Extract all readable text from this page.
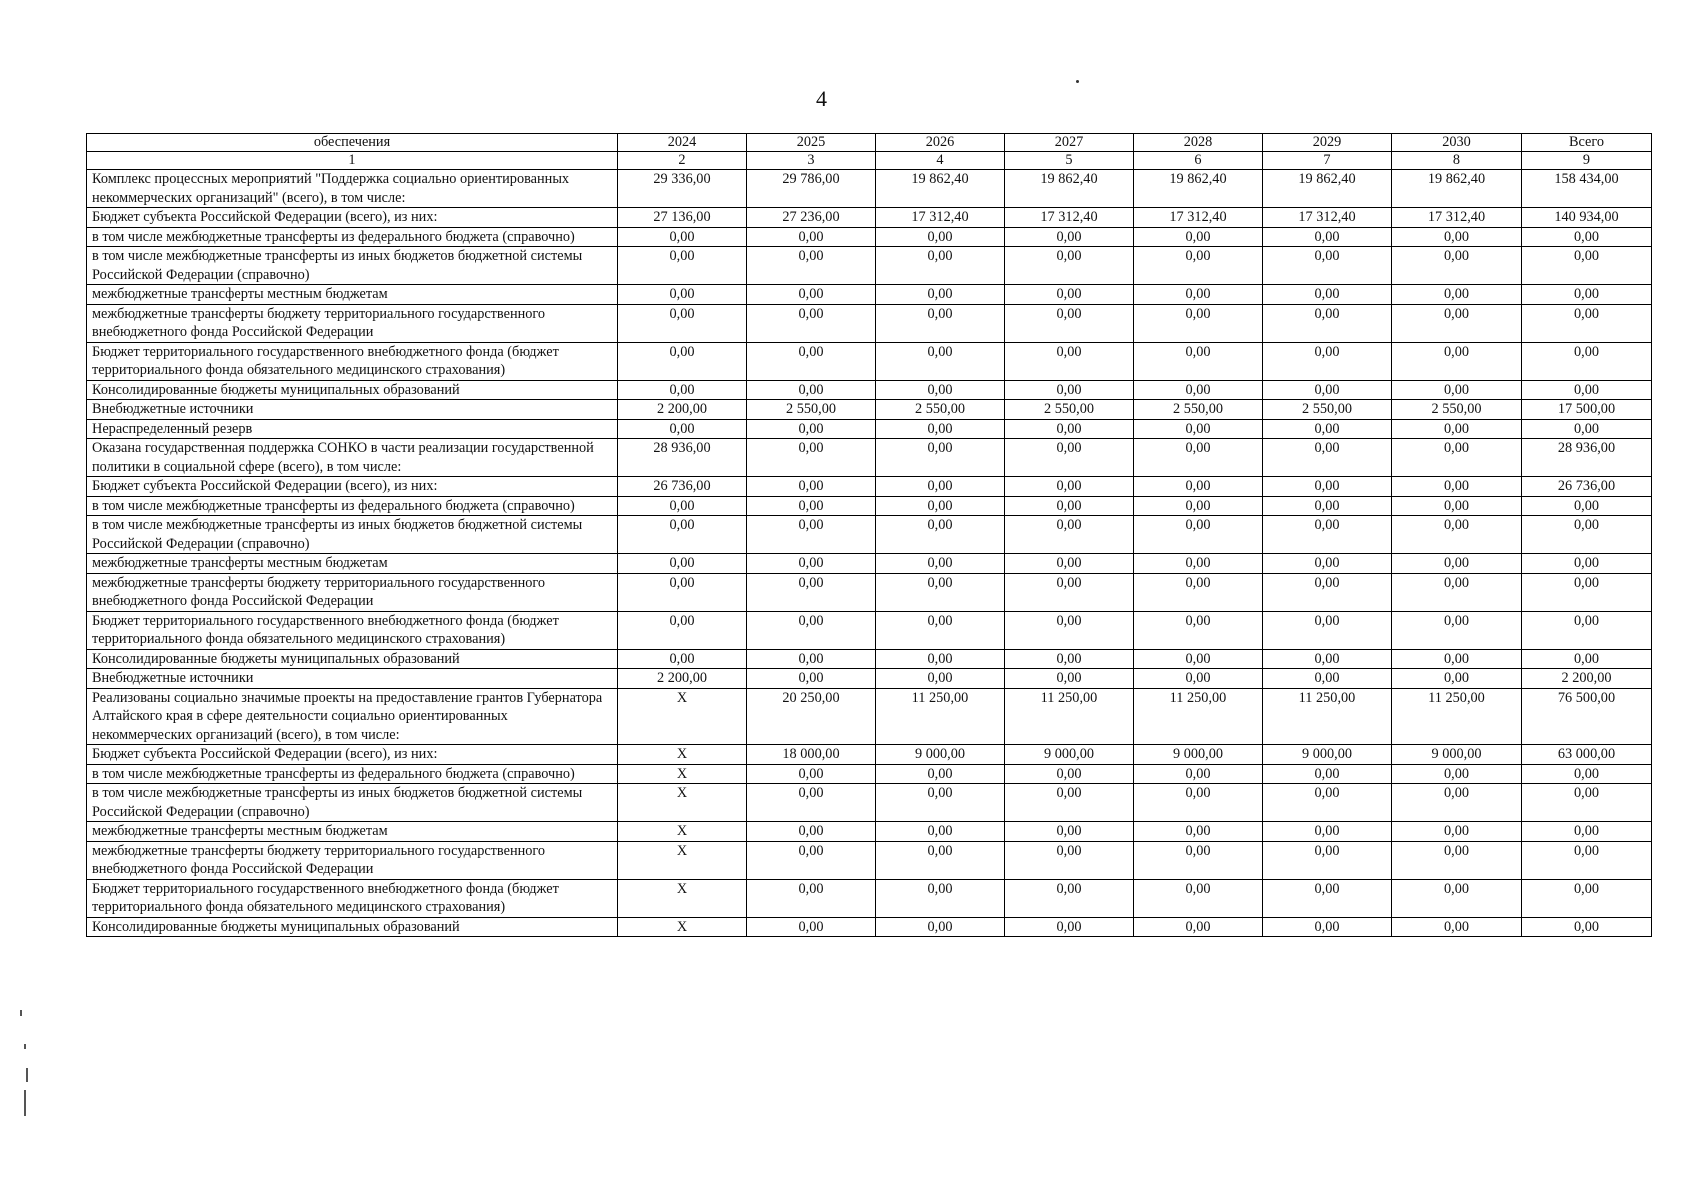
4
обеспечения	2024	2025	2026	2027	2028	2029	2030	Всего
1	2	3	4	5	6	7	8	9
Комплекс процессных мероприятий "Поддержка социально ориентированных некоммерческих организаций" (всего), в том числе:	29 336,00	29 786,00	19 862,40	19 862,40	19 862,40	19 862,40	19 862,40	158 434,00
Бюджет субъекта Российской Федерации (всего), из них:	27 136,00	27 236,00	17 312,40	17 312,40	17 312,40	17 312,40	17 312,40	140 934,00
в том числе межбюджетные трансферты из федерального бюджета (справочно)	0,00	0,00	0,00	0,00	0,00	0,00	0,00	0,00
в том числе межбюджетные трансферты из иных бюджетов бюджетной системы Российской Федерации (справочно)	0,00	0,00	0,00	0,00	0,00	0,00	0,00	0,00
межбюджетные трансферты местным бюджетам	0,00	0,00	0,00	0,00	0,00	0,00	0,00	0,00
межбюджетные трансферты бюджету территориального государственного внебюджетного фонда Российской Федерации	0,00	0,00	0,00	0,00	0,00	0,00	0,00	0,00
Бюджет территориального государственного внебюджетного фонда (бюджет территориального фонда обязательного медицинского страхования)	0,00	0,00	0,00	0,00	0,00	0,00	0,00	0,00
Консолидированные бюджеты муниципальных образований	0,00	0,00	0,00	0,00	0,00	0,00	0,00	0,00
Внебюджетные источники	2 200,00	2 550,00	2 550,00	2 550,00	2 550,00	2 550,00	2 550,00	17 500,00
Нераспределенный резерв	0,00	0,00	0,00	0,00	0,00	0,00	0,00	0,00
Оказана государственная поддержка СОНКО в части реализации государственной политики в социальной сфере (всего), в том числе:	28 936,00	0,00	0,00	0,00	0,00	0,00	0,00	28 936,00
Бюджет субъекта Российской Федерации (всего), из них:	26 736,00	0,00	0,00	0,00	0,00	0,00	0,00	26 736,00
в том числе межбюджетные трансферты из федерального бюджета (справочно)	0,00	0,00	0,00	0,00	0,00	0,00	0,00	0,00
в том числе межбюджетные трансферты из иных бюджетов бюджетной системы Российской Федерации (справочно)	0,00	0,00	0,00	0,00	0,00	0,00	0,00	0,00
межбюджетные трансферты местным бюджетам	0,00	0,00	0,00	0,00	0,00	0,00	0,00	0,00
межбюджетные трансферты бюджету территориального государственного внебюджетного фонда Российской Федерации	0,00	0,00	0,00	0,00	0,00	0,00	0,00	0,00
Бюджет территориального государственного внебюджетного фонда (бюджет территориального фонда обязательного медицинского страхования)	0,00	0,00	0,00	0,00	0,00	0,00	0,00	0,00
Консолидированные бюджеты муниципальных образований	0,00	0,00	0,00	0,00	0,00	0,00	0,00	0,00
Внебюджетные источники	2 200,00	0,00	0,00	0,00	0,00	0,00	0,00	2 200,00
Реализованы социально значимые проекты на предоставление грантов Губернатора Алтайского края в сфере деятельности социально ориентированных некоммерческих организаций (всего), в том числе:	X	20 250,00	11 250,00	11 250,00	11 250,00	11 250,00	11 250,00	76 500,00
Бюджет субъекта Российской Федерации (всего), из них:	X	18 000,00	9 000,00	9 000,00	9 000,00	9 000,00	9 000,00	63 000,00
в том числе межбюджетные трансферты из федерального бюджета (справочно)	X	0,00	0,00	0,00	0,00	0,00	0,00	0,00
в том числе межбюджетные трансферты из иных бюджетов бюджетной системы Российской Федерации (справочно)	X	0,00	0,00	0,00	0,00	0,00	0,00	0,00
межбюджетные трансферты местным бюджетам	X	0,00	0,00	0,00	0,00	0,00	0,00	0,00
межбюджетные трансферты бюджету территориального государственного внебюджетного фонда Российской Федерации	X	0,00	0,00	0,00	0,00	0,00	0,00	0,00
Бюджет территориального государственного внебюджетного фонда (бюджет территориального фонда обязательного медицинского страхования)	X	0,00	0,00	0,00	0,00	0,00	0,00	0,00
Консолидированные бюджеты муниципальных образований	X	0,00	0,00	0,00	0,00	0,00	0,00	0,00
